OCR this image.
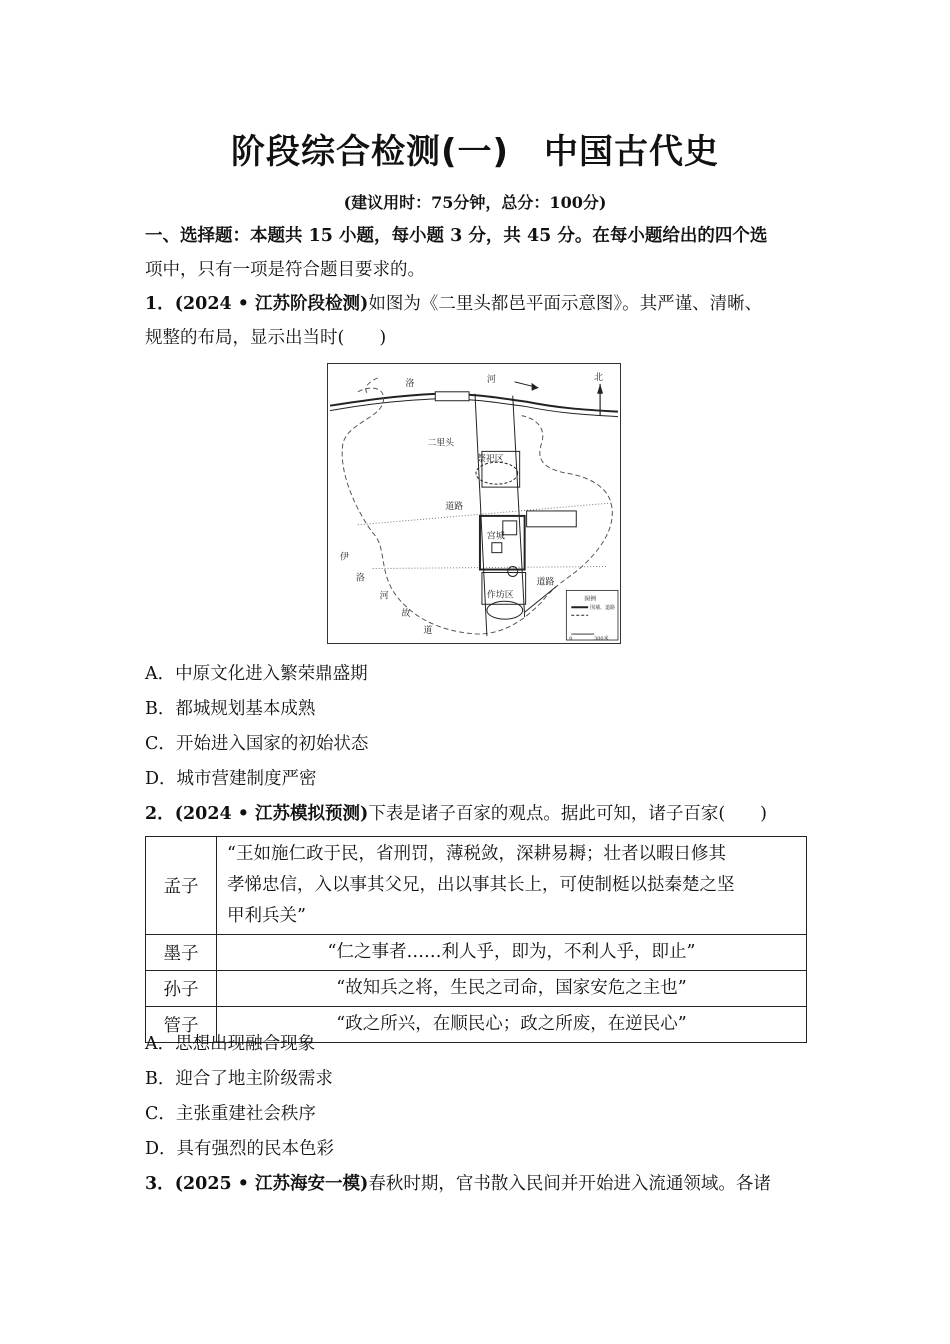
阶段综合检测(一)　中国古代史
(建议用时：75分钟，总分：100分)
一、选择题：本题共 15 小题，每小题 3 分，共 45 分。在每小题给出的四个选
项中，只有一项是符合题目要求的。
1．(2024 • 江苏阶段检测)如图为《二里头都邑平面示意图》。其严谨、清晰、
规整的布局，显示出当时(　　)
洛	河	北
二里头
祭祀区
道路
宫城
道路
作坊区
伊
洛
河
故
道
图例
围墙、道路
0	300米
A．中原文化进入繁荣鼎盛期
B．都城规划基本成熟
C．开始进入国家的初始状态
D．城市营建制度严密
2．(2024 • 江苏模拟预测)下表是诸子百家的观点。据此可知，诸子百家(　　)
孟子	“王如施仁政于民，省刑罚，薄税敛，深耕易耨；壮者以暇日修其
孝悌忠信，入以事其父兄，出以事其长上，可使制梃以挞秦楚之坚
甲利兵关”

墨子	“仁之事者……利人乎，即为，不利人乎，即止”
孙子	“故知兵之将，生民之司命，国家安危之主也”
管子	“政之所兴，在顺民心；政之所废，在逆民心”
A．思想出现融合现象
B．迎合了地主阶级需求
C．主张重建社会秩序
D．具有强烈的民本色彩
3．(2025 • 江苏海安一模)春秋时期，官书散入民间并开始进入流通领域。各诸
